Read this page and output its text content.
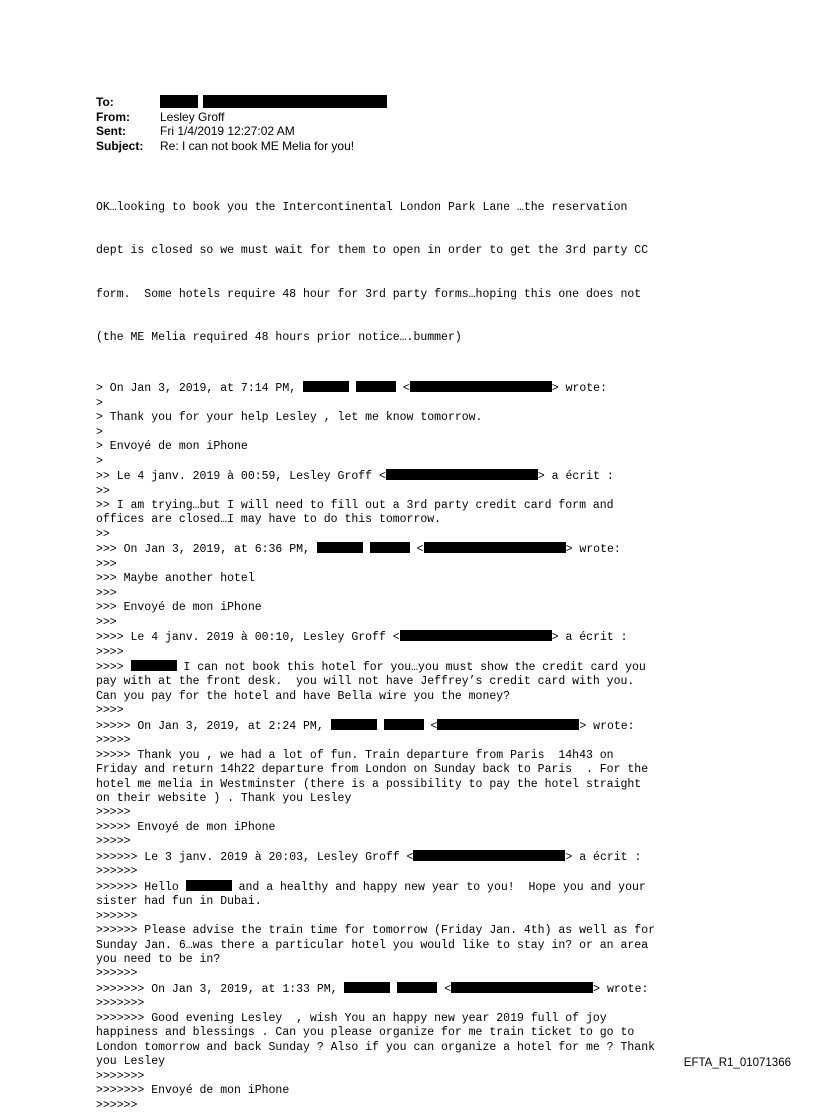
To:
From:	Lesley Groff
Sent:	Fri 1/4/2019 12:27:02 AM
Subject: Re: I can not book ME Melia for you!

OK…looking to book you the Intercontinental London Park Lane …the reservation

dept is closed so we must wait for them to open in order to get the 3rd party CC

form.  Some hotels require 48 hour for 3rd party forms…hoping this one does not

(the ME Melia required 48 hours prior notice….bummer)

> On Jan 3, 2019, at 7:14 PM,	<	> wrote:
>
> Thank you for your help Lesley , let me know tomorrow.
>
> Envoyé de mon iPhone
>
>> Le 4 janv. 2019 à 00:59, Lesley Groff <	> a écrit :
>>
>> I am trying…but I will need to fill out a 3rd party credit card form and
offices are closed…I may have to do this tomorrow.
>>
>>> On Jan 3, 2019, at 6:36 PM,	<	> wrote:
>>>
>>> Maybe another hotel
>>>
>>> Envoyé de mon iPhone
>>>
>>>> Le 4 janv. 2019 à 00:10, Lesley Groff <	> a écrit :
>>>>
>>>>	I can not book this hotel for you…you must show the credit card you
pay with at the front desk.  you will not have Jeffrey’s credit card with you.
Can you pay for the hotel and have Bella wire you the money?
>>>>
>>>>> On Jan 3, 2019, at 2:24 PM,	<	> wrote:
>>>>>
>>>>> Thank you , we had a lot of fun. Train departure from Paris  14h43 on
Friday and return 14h22 departure from London on Sunday back to Paris  . For the
hotel me melia in Westminster (there is a possibility to pay the hotel straight
on their website ) . Thank you Lesley
>>>>>
>>>>> Envoyé de mon iPhone
>>>>>
>>>>>> Le 3 janv. 2019 à 20:03, Lesley Groff <	> a écrit :
>>>>>>
>>>>>> Hello	and a healthy and happy new year to you!  Hope you and your
sister had fun in Dubai.
>>>>>>
>>>>>> Please advise the train time for tomorrow (Friday Jan. 4th) as well as for
Sunday Jan. 6…was there a particular hotel you would like to stay in? or an area
you need to be in?
>>>>>>
>>>>>>> On Jan 3, 2019, at 1:33 PM,	<	> wrote:
>>>>>>>
>>>>>>> Good evening Lesley  , wish You an happy new year 2019 full of joy
happiness and blessings . Can you please organize for me train ticket to go to
London tomorrow and back Sunday ? Also if you can organize a hotel for me ? Thank
you Lesley
>>>>>>>
>>>>>>> Envoyé de mon iPhone
>>>>>>
EFTA_R1_01071366
